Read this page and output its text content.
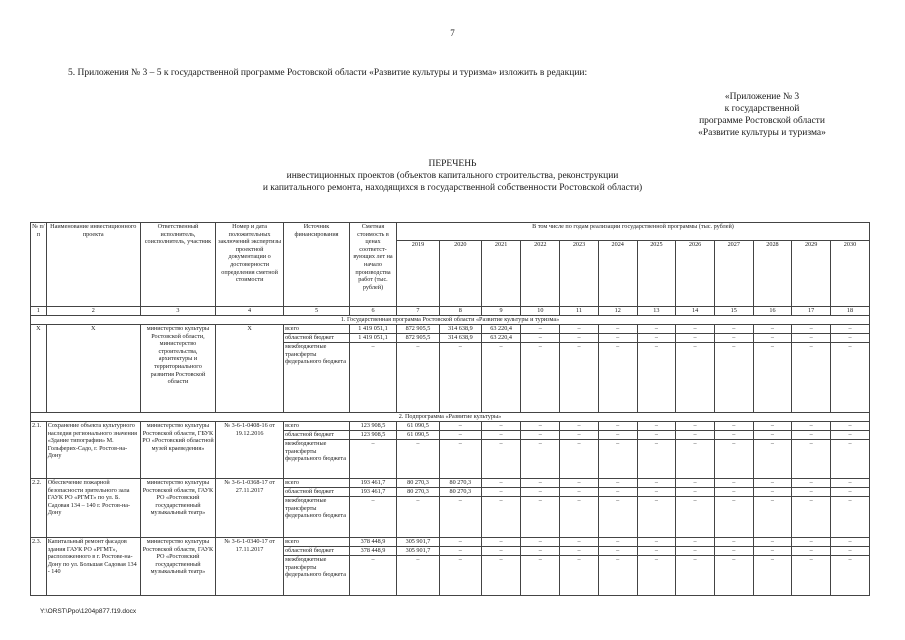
7
5. Приложения № 3 – 5 к государственной программе Ростовской области «Развитие культуры и туризма» изложить в редакции:
«Приложение № 3
к государственной
программе Ростовской области
«Развитие культуры и туризма»
ПЕРЕЧЕНЬ
инвестиционных проектов (объектов капитального строительства, реконструкции
и капитального ремонта, находящихся в государственной собственности Ростовской области)
№ п/п	Наименование инвестиционного проекта	Ответственный исполнитель, соисполнитель, участник	Номер и дата положительных заключений экспертизы проектной документации о достоверности определения сметной стоимости	Источник финансирования	Сметная стоимость в ценах соответст-вующих лет на начало производства работ (тыс. рублей)	В том числе по годам реализации государственной программы (тыс. рублей)											
						2019	2020	2021	2022	2023	2024	2025	2026	2027	2028	2029	2030
1	2	3	4	5	6	7	8	9	10	11	12	13	14	15	16	17	18
1. Государственная программа Ростовской области «Развитие культуры и туризма»																	
Х	Х	министерство культуры Ростовской области, министерство строительства, архитектуры и территориального развития Ростовской области	Х	всего	1 419 051,1	872 905,5	314 638,9	63 220,4	–	–	–	–	–	–	–	–	–
				областной бюджет	1 419 051,1	872 905,5	314 638,9	63 220,4	–	–	–	–	–	–	–	–	–
				межбюджетные трансферты федерального бюджета	–	–	–	–	–	–	–	–	–	–	–	–	–
2. Подпрограмма «Развитие культуры»																	
2.1.	Сохранение объекта культурного наследия регионального значения «Здание типографии» М. Гольферих-Садо, г. Ростов-на-Дону	министерство культуры Ростовской области, ГБУК РО «Ростовский областной музей краеведения»	№ 3-6-1-0408-16 от 19.12.2016	всего	123 908,5	61 090,5	–	–	–	–	–	–	–	–	–	–	–
				областной бюджет	123 908,5	61 090,5	–	–	–	–	–	–	–	–	–	–	–
				межбюджетные трансферты федерального бюджета	–	–	–	–	–	–	–	–	–	–	–	–	–
2.2.	Обеспечение пожарной безопасности зрительного зала ГАУК РО «РГМТ» по ул. Б. Садовая 134 – 140 г. Ростов-на-Дону	министерство культуры Ростовской области, ГАУК РО «Ростовский государственный музыкальный театр»	№ 3-6-1-0368-17 от 27.11.2017	всего	193 461,7	80 270,3	80 270,3	–	–	–	–	–	–	–	–	–	–
				областной бюджет	193 461,7	80 270,3	80 270,3	–	–	–	–	–	–	–	–	–	–
				межбюджетные трансферты федерального бюджета	–	–	–	–	–	–	–	–	–	–	–	–	–
2.3.	Капитальный ремонт фасадов здания ГАУК РО «РГМТ», расположенного в г. Ростове-на-Дону по ул. Большая Садовая 134 - 140	министерство культуры Ростовской области, ГАУК РО «Ростовский государственный музыкальный театр»	№ 3-6-1-0340-17 от 17.11.2017	всего	378 448,9	305 901,7	–	–	–	–	–	–	–	–	–	–	–
				областной бюджет	378 448,9	305 901,7	–	–	–	–	–	–	–	–	–	–	–
				межбюджетные трансферты федерального бюджета	–	–	–	–	–	–	–	–	–	–	–	–	–
Y:\ORST\Ppo\1204p877.f19.docx
